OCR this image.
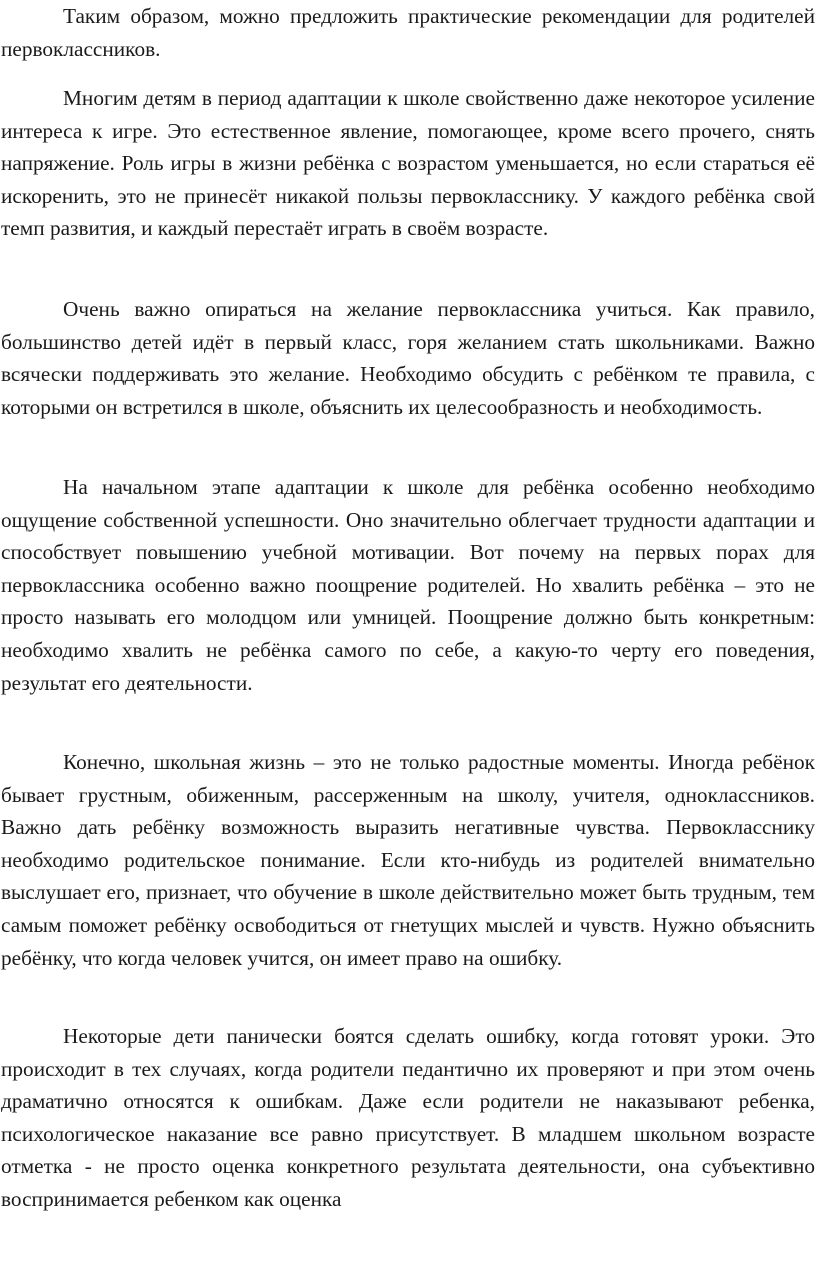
Таким образом, можно предложить практические рекомендации для родителей первоклассников.

Многим детям в период адаптации к школе свойственно даже некоторое усиление интереса к игре. Это естественное явление, помогающее, кроме всего прочего, снять напряжение. Роль игры в жизни ребёнка с возрастом уменьшается, но если стараться её искоренить, это не принесёт никакой пользы первокласснику. У каждого ребёнка свой темп развития, и каждый перестаёт играть в своём возрасте.

Очень важно опираться на желание первоклассника учиться. Как правило, большинство детей идёт в первый класс, горя желанием стать школьниками. Важно всячески поддерживать это желание. Необходимо обсудить с ребёнком те правила, с которыми он встретился в школе, объяснить их целесообразность и необходимость.

На начальном этапе адаптации к школе для ребёнка особенно необходимо ощущение собственной успешности. Оно значительно облегчает трудности адаптации и способствует повышению учебной мотивации. Вот почему на первых порах для первоклассника особенно важно поощрение родителей. Но хвалить ребёнка – это не просто называть его молодцом или умницей. Поощрение должно быть конкретным: необходимо хвалить не ребёнка самого по себе, а какую-то черту его поведения, результат его деятельности.

Конечно, школьная жизнь – это не только радостные моменты. Иногда ребёнок бывает грустным, обиженным, рассерженным на школу, учителя, одноклассников. Важно дать ребёнку возможность выразить негативные чувства. Первокласснику необходимо родительское понимание. Если кто-нибудь из родителей внимательно выслушает его, признает, что обучение в школе действительно может быть трудным, тем самым поможет ребёнку освободиться от гнетущих мыслей и чувств. Нужно объяснить ребёнку, что когда человек учится, он имеет право на ошибку.

Некоторые дети панически боятся сделать ошибку, когда готовят уроки. Это происходит в тех случаях, когда родители педантично их проверяют и при этом очень драматично относятся к ошибкам. Даже если родители не наказывают ребенка, психологическое наказание все равно присутствует. В младшем школьном возрасте отметка - не просто оценка конкретного результата деятельности, она субъективно воспринимается ребенком как оценка
